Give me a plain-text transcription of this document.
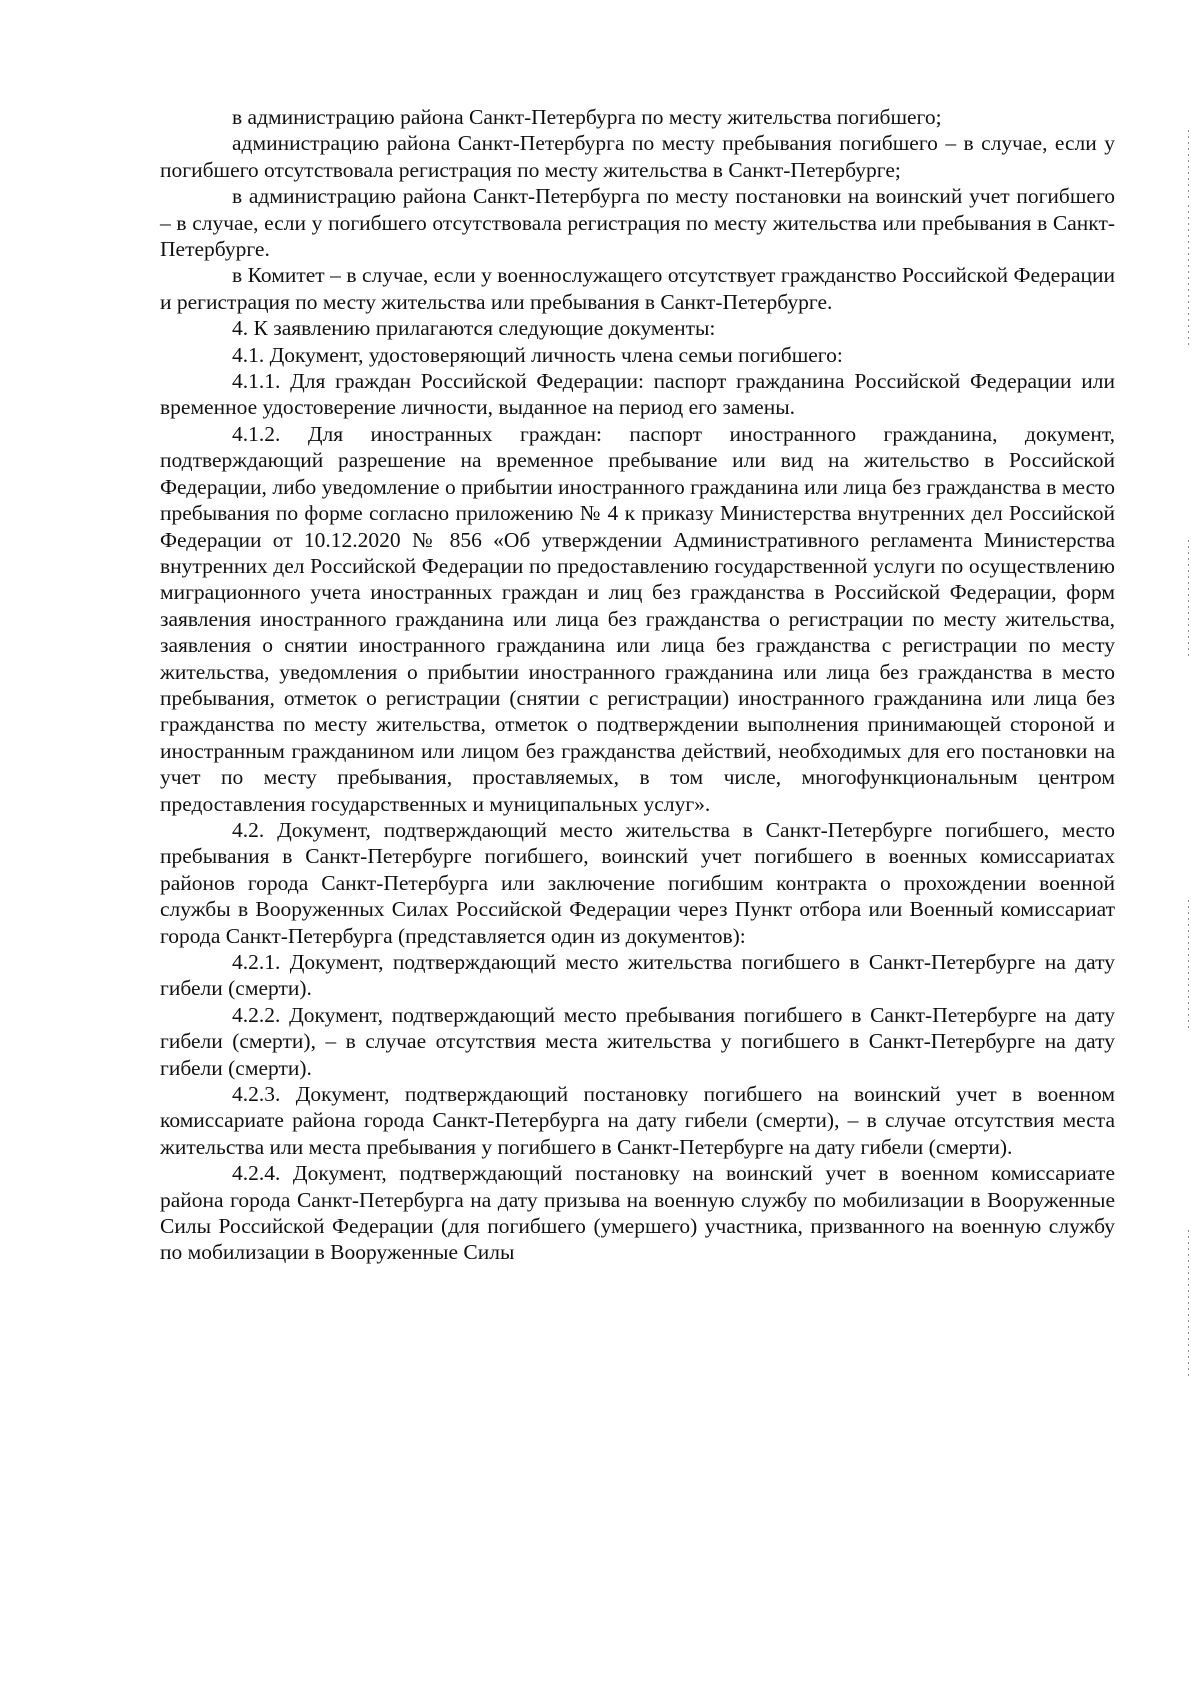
в администрацию района Санкт-Петербурга по месту жительства погибшего;

администрацию района Санкт-Петербурга по месту пребывания погибшего – в случае, если у погибшего отсутствовала регистрация по месту жительства в Санкт-Петербурге;

в администрацию района Санкт-Петербурга по месту постановки на воинский учет погибшего – в случае, если у погибшего отсутствовала регистрация по месту жительства или пребывания в Санкт-Петербурге.

в Комитет – в случае, если у военнослужащего отсутствует гражданство Российской Федерации и регистрация по месту жительства или пребывания в Санкт-Петербурге.

4. К заявлению прилагаются следующие документы:

4.1. Документ, удостоверяющий личность члена семьи погибшего:

4.1.1. Для граждан Российской Федерации: паспорт гражданина Российской Федерации или временное удостоверение личности, выданное на период его замены.

4.1.2. Для иностранных граждан: паспорт иностранного гражданина, документ, подтверждающий разрешение на временное пребывание или вид на жительство в Российской Федерации, либо уведомление о прибытии иностранного гражданина или лица без гражданства в место пребывания по форме согласно приложению № 4 к приказу Министерства внутренних дел Российской Федерации от 10.12.2020 № 856 «Об утверждении Административного регламента Министерства внутренних дел Российской Федерации по предоставлению государственной услуги по осуществлению миграционного учета иностранных граждан и лиц без гражданства в Российской Федерации, форм заявления иностранного гражданина или лица без гражданства о регистрации по месту жительства, заявления о снятии иностранного гражданина или лица без гражданства с регистрации по месту жительства, уведомления о прибытии иностранного гражданина или лица без гражданства в место пребывания, отметок о регистрации (снятии с регистрации) иностранного гражданина или лица без гражданства по месту жительства, отметок о подтверждении выполнения принимающей стороной и иностранным гражданином или лицом без гражданства действий, необходимых для его постановки на учет по месту пребывания, проставляемых, в том числе, многофункциональным центром предоставления государственных и муниципальных услуг».

4.2. Документ, подтверждающий место жительства в Санкт-Петербурге погибшего, место пребывания в Санкт-Петербурге погибшего, воинский учет погибшего в военных комиссариатах районов города Санкт-Петербурга или заключение погибшим контракта о прохождении военной службы в Вооруженных Силах Российской Федерации через Пункт отбора или Военный комиссариат города Санкт-Петербурга (представляется один из документов):

4.2.1. Документ, подтверждающий место жительства погибшего в Санкт-Петербурге на дату гибели (смерти).

4.2.2. Документ, подтверждающий место пребывания погибшего в Санкт-Петербурге на дату гибели (смерти), – в случае отсутствия места жительства у погибшего в Санкт-Петербурге на дату гибели (смерти).

4.2.3. Документ, подтверждающий постановку погибшего на воинский учет в военном комиссариате района города Санкт-Петербурга на дату гибели (смерти), – в случае отсутствия места жительства или места пребывания у погибшего в Санкт-Петербурге на дату гибели (смерти).

4.2.4. Документ, подтверждающий постановку на воинский учет в военном комиссариате района города Санкт-Петербурга на дату призыва на военную службу по мобилизации в Вооруженные Силы Российской Федерации (для погибшего (умершего) участника, призванного на военную службу по мобилизации в Вооруженные Силы
